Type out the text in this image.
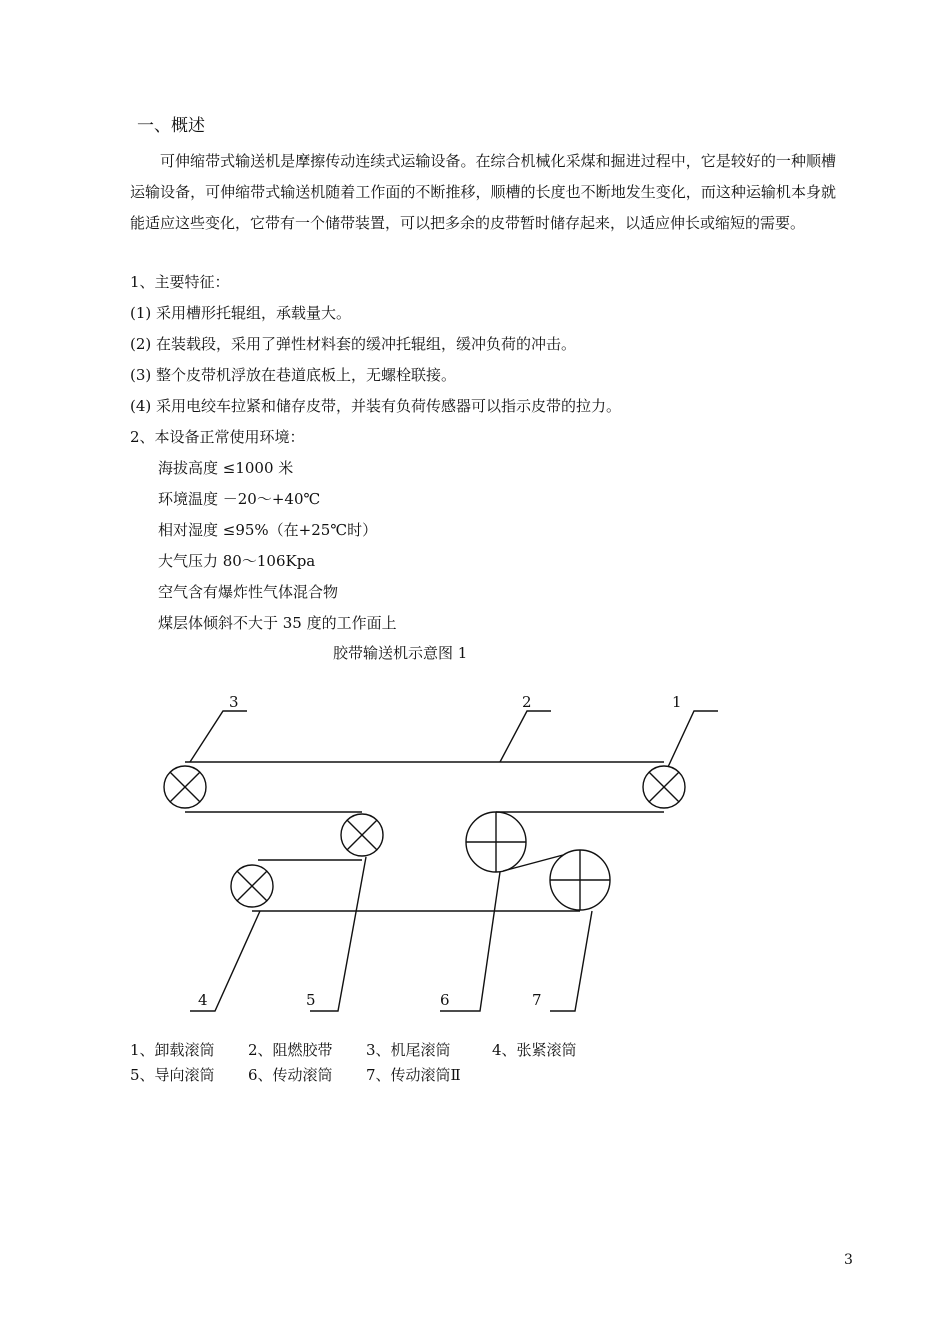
一、概述
可伸缩带式输送机是摩擦传动连续式运输设备。在综合机械化采煤和掘进过程中，它是较好的一种顺槽运输设备，可伸缩带式输送机随着工作面的不断推移，顺槽的长度也不断地发生变化，而这种运输机本身就能适应这些变化，它带有一个储带装置，可以把多余的皮带暂时储存起来，以适应伸长或缩短的需要。
1、主要特征：
(1) 采用槽形托辊组，承载量大。
(2) 在装载段，采用了弹性材料套的缓冲托辊组，缓冲负荷的冲击。
(3) 整个皮带机浮放在巷道底板上，无螺栓联接。
(4) 采用电绞车拉紧和储存皮带，并装有负荷传感器可以指示皮带的拉力。
2、本设备正常使用环境：
海拔高度 ≤1000 米
环境温度 －20～+40℃
相对湿度 ≤95%（在+25℃时）
大气压力 80～106Kpa
空气含有爆炸性气体混合物
煤层体倾斜不大于 35 度的工作面上
胶带输送机示意图 1
3	2	1
4	5	6	7
1、卸载滚筒 2、阻燃胶带 3、机尾滚筒	4、张紧滚筒
5、导向滚筒 6、传动滚筒 7、传动滚筒Ⅱ
3
